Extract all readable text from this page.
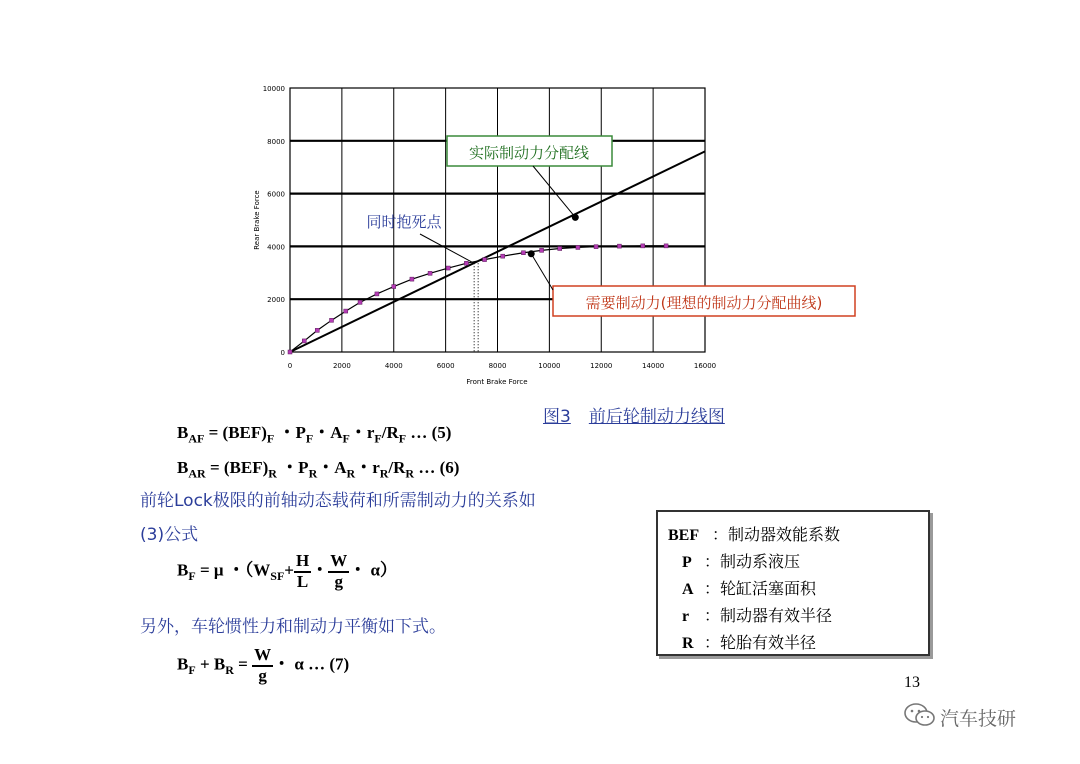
0	2000	4000	6000	8000	10000	12000	14000	16000
0
2000
4000
6000
8000
10000
Front Brake Force
Rear Brake Force
实际制动力分配线
同时抱死点
需要制动力(理想的制动力分配曲线)
图3 前后轮制动力线图
$B_{AF} = (BEF)_F$ ・$P_F$・$A_F$・$r_F/R_F$ … (5)
$B_{AR} = (BEF)_R$ ・$P_R$・$A_R$・$r_R/R_R$ … (6)
前轮Lock极限的前轴动态载荷和所需制动力的关系如
(3)公式
$B_F = \mu$ ・（$W_{SF}+ \frac{H}{L}$ ・ $\frac{W}{g}$ ・ α）
另外，车轮惯性力和制动力平衡如下式。
$B_F + B_R = \frac{W}{g}$ ・ α … (7)
BEF ：制动器效能系数
P ：制动系液压
A ：轮缸活塞面积
r ：制动器有效半径
R ：轮胎有效半径
13
汽车技研
